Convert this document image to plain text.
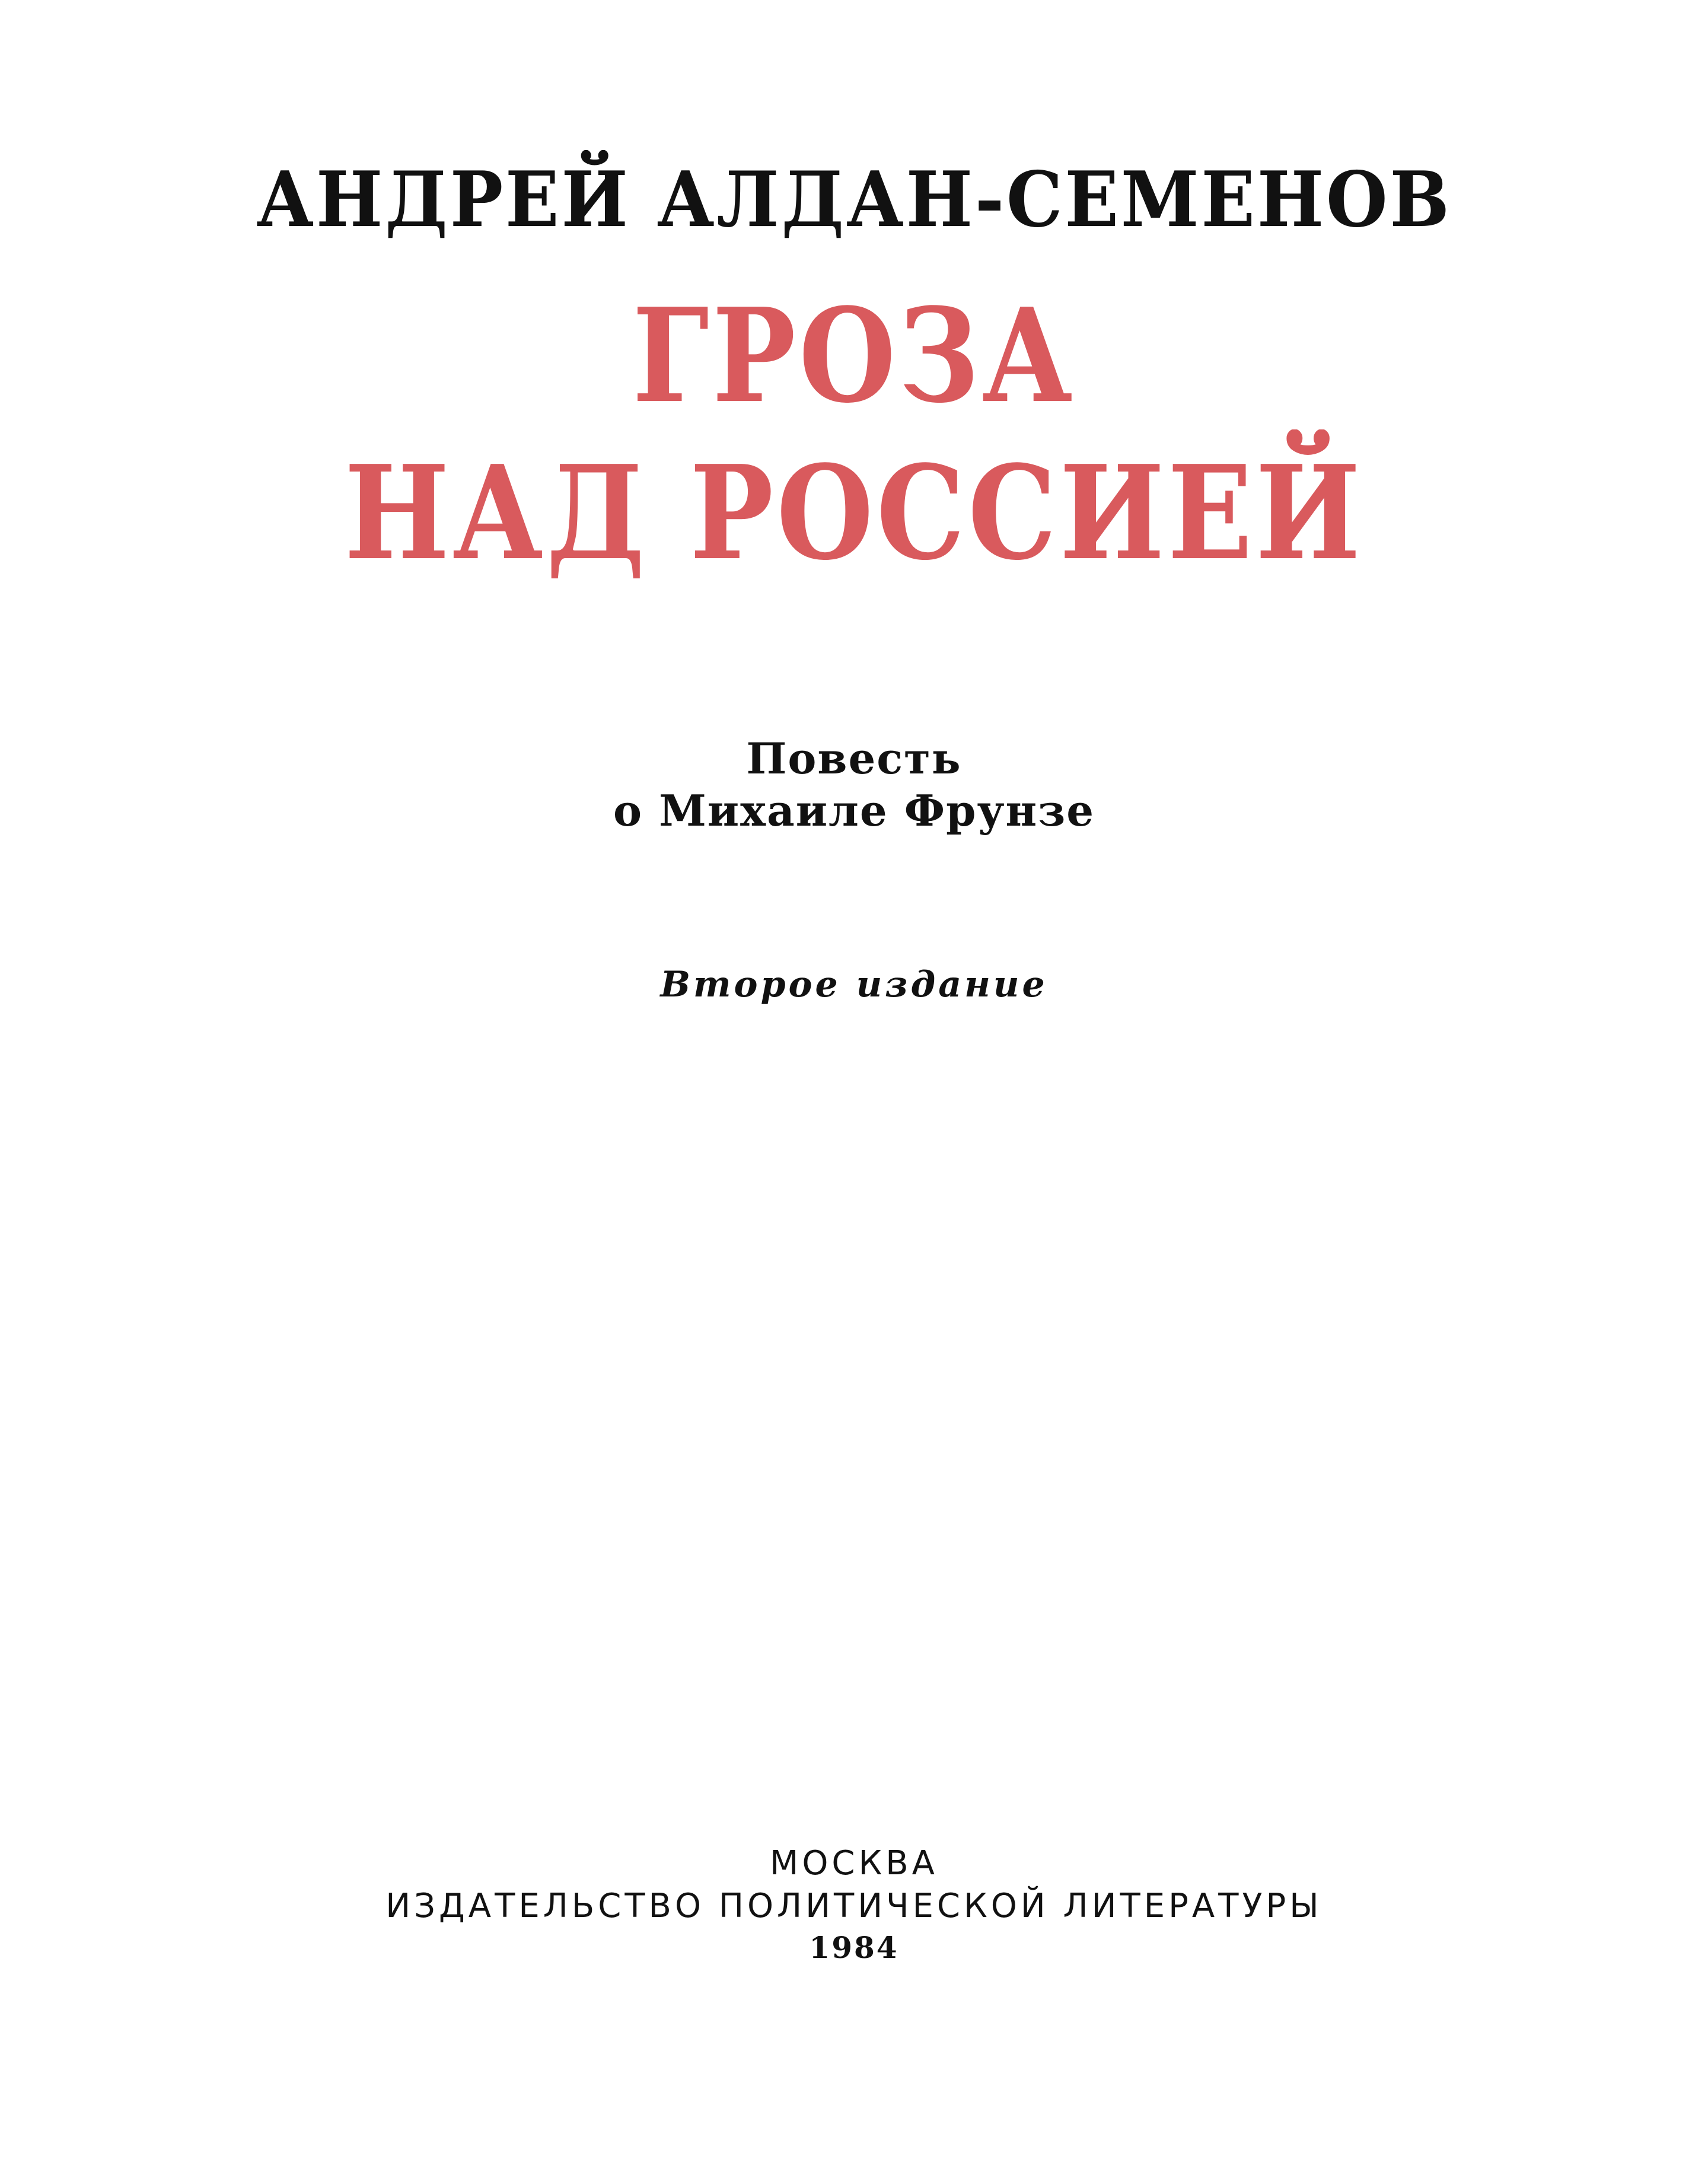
АНДРЕЙ АЛДАН-СЕМЕНОВ

ГРОЗА

НАД РОССИЕЙ

Повесть

о Михаиле Фрунзе

Второе издание

МОСКВА

ИЗДАТЕЛЬСТВО ПОЛИТИЧЕСКОЙ ЛИТЕРАТУРЫ

1984
